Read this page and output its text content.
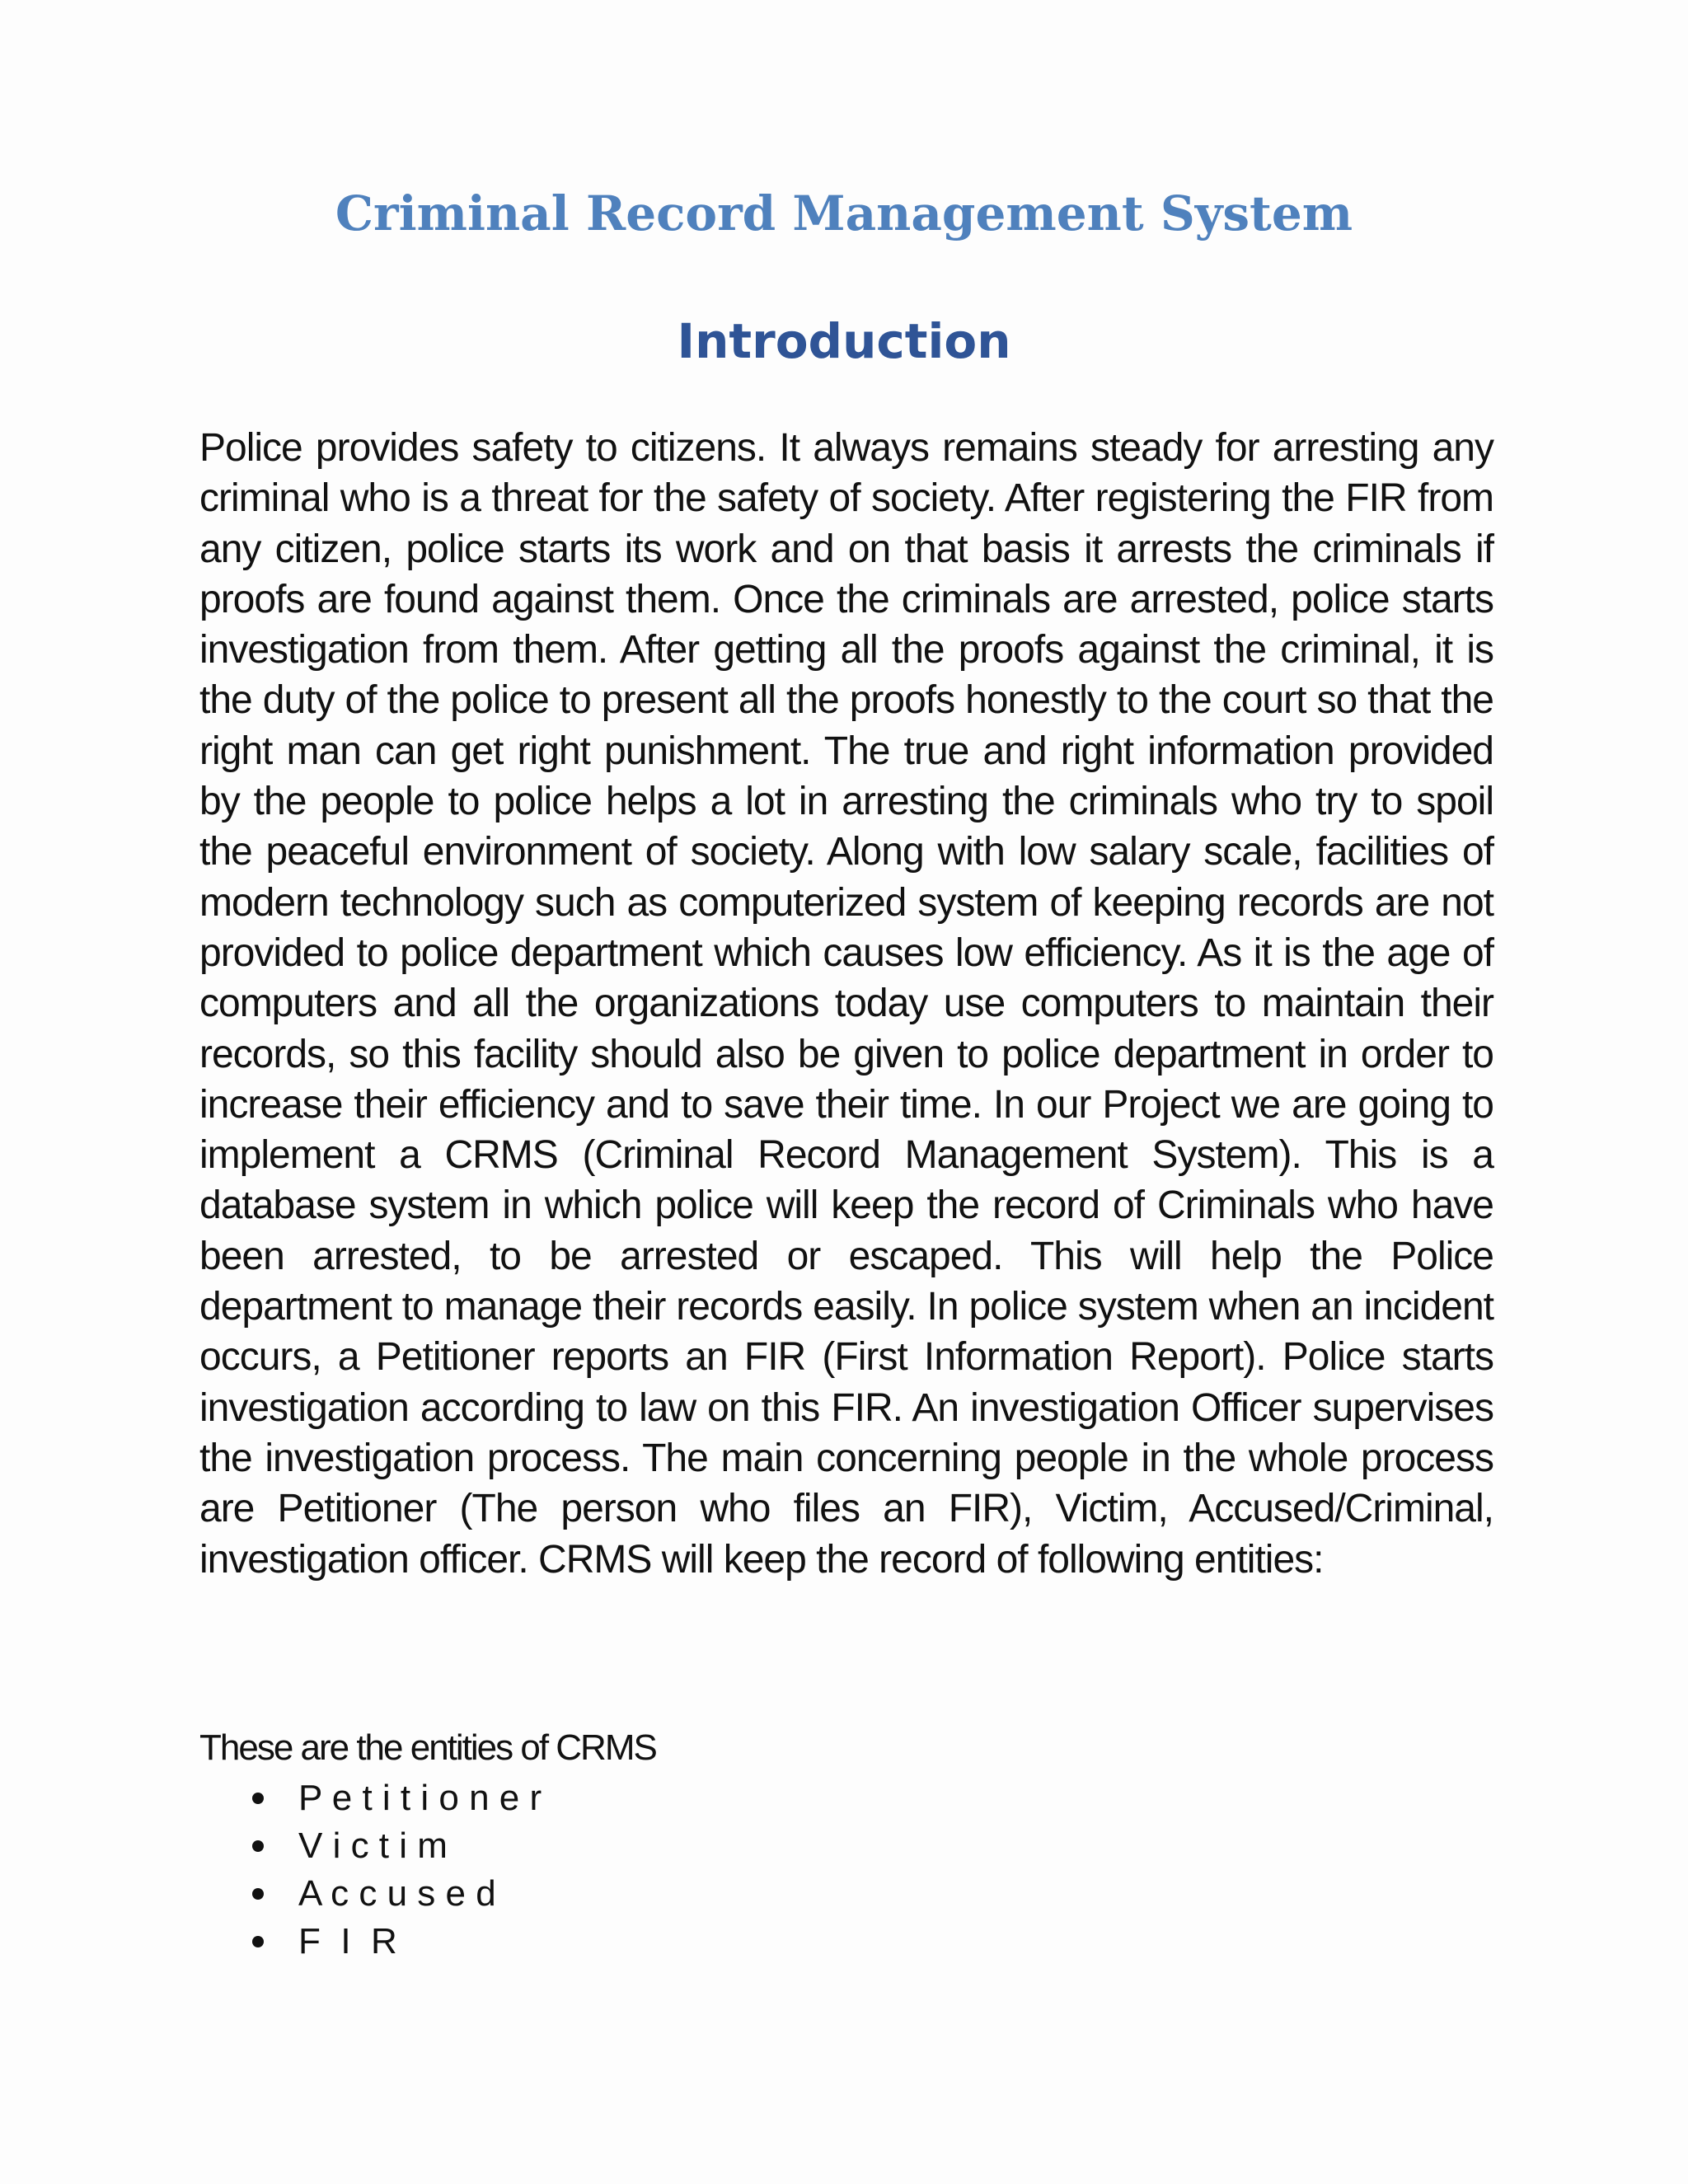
Criminal Record Management System
Introduction

Police provides safety to citizens. It always remains steady for arresting any criminal who is a threat for the safety of society. After registering the FIR from any citizen, police starts its work and on that basis it arrests the criminals if proofs are found against them. Once the criminals are arrested, police starts investigation from them. After getting all the proofs against the criminal, it is the duty of the police to present all the proofs honestly to the court so that the right man can get right punishment. The true and right information provided by the people to police helps a lot in arresting the criminals who try to spoil the peaceful environment of society. Along with low salary scale, facilities of modern technology such as computerized system of keeping records are not provided to police department which causes low efficiency. As it is the age of computers and all the organizations today use computers to maintain their records, so this facility should also be given to police department in order to increase their efficiency and to save their time. In our Project we are going to implement a CRMS (Criminal Record Management System). This is a database system in which police will keep the record of Criminals who have been arrested, to be arrested or escaped. This will help the Police department to manage their records easily. In police system when an incident occurs, a Petitioner reports an FIR (First Information Report). Police starts investigation according to law on this FIR. An investigation Officer supervises the investigation process. The main concerning people in the whole process are Petitioner (The person who files an FIR), Victim, Accused/Criminal, investigation officer. CRMS will keep the record of following entities:

These are the entities of CRMS

P e t i t i o n e r
V i c t i m
A c c u s e d
F  I  R
